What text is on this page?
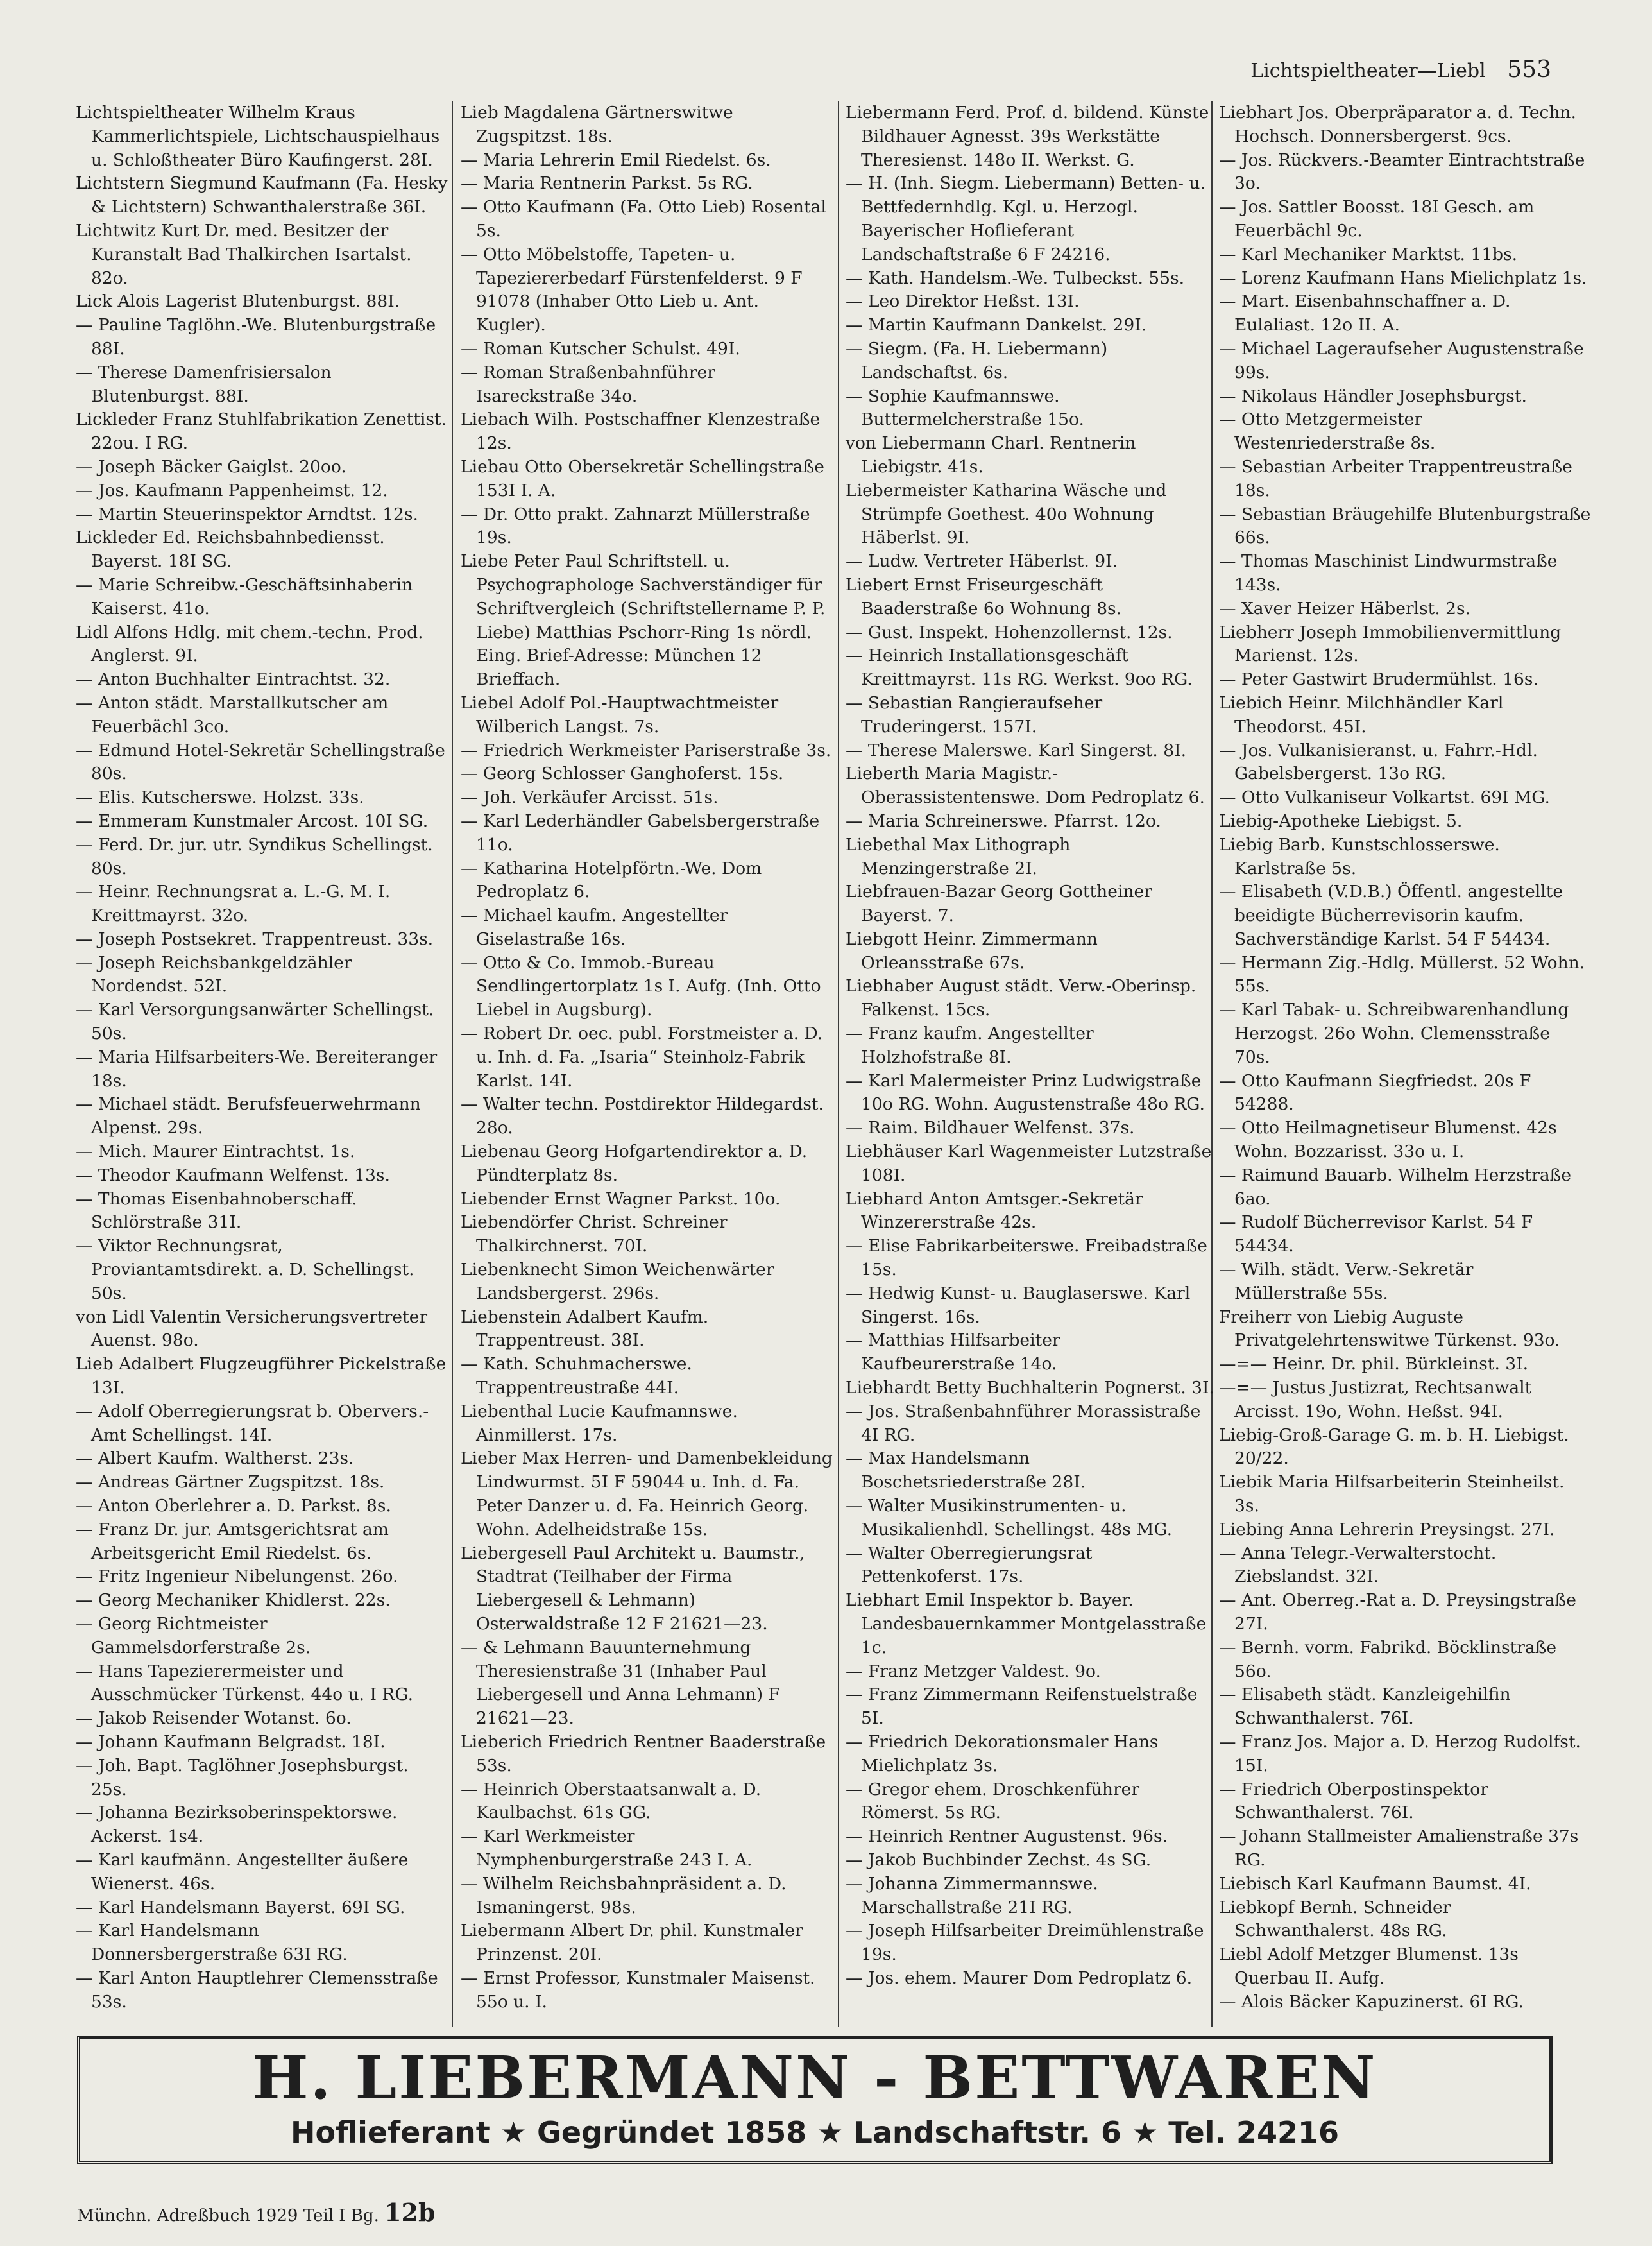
Lichtspieltheater—Liebl 553

Lichtspieltheater Wilhelm Kraus Kammerlichtspiele, Lichtschauspielhaus u. Schloßtheater Büro Kaufingerst. 28I.

Lichtstern Siegmund Kaufmann (Fa. Hesky & Lichtstern) Schwanthalerstraße 36I.

Lichtwitz Kurt Dr. med. Besitzer der Kuranstalt Bad Thalkirchen Isartalst. 82o.

Lick Alois Lagerist Blutenburgst. 88I.

— Pauline Taglöhn.-We. Blutenburgstraße 88I.

— Therese Damenfrisiersalon Blutenburgst. 88I.

Lickleder Franz Stuhlfabrikation Zenettist. 22ou. I RG.

— Joseph Bäcker Gaiglst. 20oo.

— Jos. Kaufmann Pappenheimst. 12.

— Martin Steuerinspektor Arndtst. 12s.

Lickleder Ed. Reichsbahnbediensst. Bayerst. 18I SG.

— Marie Schreibw.-Geschäftsinhaberin Kaiserst. 41o.

Lidl Alfons Hdlg. mit chem.-techn. Prod. Anglerst. 9I.

— Anton Buchhalter Eintrachtst. 32.

— Anton städt. Marstallkutscher am Feuerbächl 3co.

— Edmund Hotel-Sekretär Schellingstraße 80s.

— Elis. Kutscherswe. Holzst. 33s.

— Emmeram Kunstmaler Arcost. 10I SG.

— Ferd. Dr. jur. utr. Syndikus Schellingst. 80s.

— Heinr. Rechnungsrat a. L.-G. M. I. Kreittmayrst. 32o.

— Joseph Postsekret. Trappentreust. 33s.

— Joseph Reichsbankgeldzähler Nordendst. 52I.

— Karl Versorgungsanwärter Schellingst. 50s.

— Maria Hilfsarbeiters-We. Bereiteranger 18s.

— Michael städt. Berufsfeuerwehrmann Alpenst. 29s.

— Mich. Maurer Eintrachtst. 1s.

— Theodor Kaufmann Welfenst. 13s.

— Thomas Eisenbahnoberschaff. Schlörstraße 31I.

— Viktor Rechnungsrat, Proviantamtsdirekt. a. D. Schellingst. 50s.

von Lidl Valentin Versicherungsvertreter Auenst. 98o.

Lieb Adalbert Flugzeugführer Pickelstraße 13I.

— Adolf Oberregierungsrat b. Obervers.-Amt Schellingst. 14I.

— Albert Kaufm. Waltherst. 23s.

— Andreas Gärtner Zugspitzst. 18s.

— Anton Oberlehrer a. D. Parkst. 8s.

— Franz Dr. jur. Amtsgerichtsrat am Arbeitsgericht Emil Riedelst. 6s.

— Fritz Ingenieur Nibelungenst. 26o.

— Georg Mechaniker Khidlerst. 22s.

— Georg Richtmeister Gammelsdorferstraße 2s.

— Hans Tapezierermeister und Ausschmücker Türkenst. 44o u. I RG.

— Jakob Reisender Wotanst. 6o.

— Johann Kaufmann Belgradst. 18I.

— Joh. Bapt. Taglöhner Josephsburgst. 25s.

— Johanna Bezirksoberinspektorswe. Ackerst. 1s4.

— Karl kaufmänn. Angestellter äußere Wienerst. 46s.

— Karl Handelsmann Bayerst. 69I SG.

— Karl Handelsmann Donnersbergerstraße 63I RG.

— Karl Anton Hauptlehrer Clemensstraße 53s.

Lieb Magdalena Gärtnerswitwe Zugspitzst. 18s.

— Maria Lehrerin Emil Riedelst. 6s.

— Maria Rentnerin Parkst. 5s RG.

— Otto Kaufmann (Fa. Otto Lieb) Rosental 5s.

— Otto Möbelstoffe, Tapeten- u. Tapeziererbedarf Fürstenfelderst. 9 F 91078 (Inhaber Otto Lieb u. Ant. Kugler).

— Roman Kutscher Schulst. 49I.

— Roman Straßenbahnführer Isareckstraße 34o.

Liebach Wilh. Postschaffner Klenzestraße 12s.

Liebau Otto Obersekretär Schellingstraße 153I I. A.

— Dr. Otto prakt. Zahnarzt Müllerstraße 19s.

Liebe Peter Paul Schriftstell. u. Psychographologe Sachverständiger für Schriftvergleich (Schriftstellername P. P. Liebe) Matthias Pschorr-Ring 1s nördl. Eing. Brief-Adresse: München 12 Brieffach.

Liebel Adolf Pol.-Hauptwachtmeister Wilberich Langst. 7s.

— Friedrich Werkmeister Pariserstraße 3s.

— Georg Schlosser Ganghoferst. 15s.

— Joh. Verkäufer Arcisst. 51s.

— Karl Lederhändler Gabelsbergerstraße 11o.

— Katharina Hotelpförtn.-We. Dom Pedroplatz 6.

— Michael kaufm. Angestellter Giselastraße 16s.

— Otto & Co. Immob.-Bureau Sendlingertorplatz 1s I. Aufg. (Inh. Otto Liebel in Augsburg).

— Robert Dr. oec. publ. Forstmeister a. D. u. Inh. d. Fa. „Isaria“ Steinholz-Fabrik Karlst. 14I.

— Walter techn. Postdirektor Hildegardst. 28o.

Liebenau Georg Hofgartendirektor a. D. Pündterplatz 8s.

Liebender Ernst Wagner Parkst. 10o.

Liebendörfer Christ. Schreiner Thalkirchnerst. 70I.

Liebenknecht Simon Weichenwärter Landsbergerst. 296s.

Liebenstein Adalbert Kaufm. Trappentreust. 38I.

— Kath. Schuhmacherswe. Trappentreustraße 44I.

Liebenthal Lucie Kaufmannswe. Ainmillerst. 17s.

Lieber Max Herren- und Damenbekleidung Lindwurmst. 5I F 59044 u. Inh. d. Fa. Peter Danzer u. d. Fa. Heinrich Georg. Wohn. Adelheidstraße 15s.

Liebergesell Paul Architekt u. Baumstr., Stadtrat (Teilhaber der Firma Liebergesell & Lehmann) Osterwaldstraße 12 F 21621—23.

— & Lehmann Bauunternehmung Theresienstraße 31 (Inhaber Paul Liebergesell und Anna Lehmann) F 21621—23.

Lieberich Friedrich Rentner Baaderstraße 53s.

— Heinrich Oberstaatsanwalt a. D. Kaulbachst. 61s GG.

— Karl Werkmeister Nymphenburgerstraße 243 I. A.

— Wilhelm Reichsbahnpräsident a. D. Ismaningerst. 98s.

Liebermann Albert Dr. phil. Kunstmaler Prinzenst. 20I.

— Ernst Professor, Kunstmaler Maisenst. 55o u. I.

Liebermann Ferd. Prof. d. bildend. Künste Bildhauer Agnesst. 39s Werkstätte Theresienst. 148o II. Werkst. G.

— H. (Inh. Siegm. Liebermann) Betten- u. Bettfedernhdlg. Kgl. u. Herzogl. Bayerischer Hoflieferant Landschaftstraße 6 F 24216.

— Kath. Handelsm.-We. Tulbeckst. 55s.

— Leo Direktor Heßst. 13I.

— Martin Kaufmann Dankelst. 29I.

— Siegm. (Fa. H. Liebermann) Landschaftst. 6s.

— Sophie Kaufmannswe. Buttermelcherstraße 15o.

von Liebermann Charl. Rentnerin Liebigstr. 41s.

Liebermeister Katharina Wäsche und Strümpfe Goethest. 40o Wohnung Häberlst. 9I.

— Ludw. Vertreter Häberlst. 9I.

Liebert Ernst Friseurgeschäft Baaderstraße 6o Wohnung 8s.

— Gust. Inspekt. Hohenzollernst. 12s.

— Heinrich Installationsgeschäft Kreittmayrst. 11s RG. Werkst. 9oo RG.

— Sebastian Rangieraufseher Truderingerst. 157I.

— Therese Malerswe. Karl Singerst. 8I.

Lieberth Maria Magistr.-Oberassistentenswe. Dom Pedroplatz 6.

— Maria Schreinerswe. Pfarrst. 12o.

Liebethal Max Lithograph Menzingerstraße 2I.

Liebfrauen-Bazar Georg Gottheiner Bayerst. 7.

Liebgott Heinr. Zimmermann Orleansstraße 67s.

Liebhaber August städt. Verw.-Oberinsp. Falkenst. 15cs.

— Franz kaufm. Angestellter Holzhofstraße 8I.

— Karl Malermeister Prinz Ludwigstraße 10o RG. Wohn. Augustenstraße 48o RG.

— Raim. Bildhauer Welfenst. 37s.

Liebhäuser Karl Wagenmeister Lutzstraße 108I.

Liebhard Anton Amtsger.-Sekretär Winzererstraße 42s.

— Elise Fabrikarbeiterswe. Freibadstraße 15s.

— Hedwig Kunst- u. Bauglaserswe. Karl Singerst. 16s.

— Matthias Hilfsarbeiter Kaufbeurerstraße 14o.

Liebhardt Betty Buchhalterin Pognerst. 3I.

— Jos. Straßenbahnführer Morassistraße 4I RG.

— Max Handelsmann Boschetsriederstraße 28I.

— Walter Musikinstrumenten- u. Musikalienhdl. Schellingst. 48s MG.

— Walter Oberregierungsrat Pettenkoferst. 17s.

Liebhart Emil Inspektor b. Bayer. Landesbauernkammer Montgelasstraße 1c.

— Franz Metzger Valdest. 9o.

— Franz Zimmermann Reifenstuelstraße 5I.

— Friedrich Dekorationsmaler Hans Mielichplatz 3s.

— Gregor ehem. Droschkenführer Römerst. 5s RG.

— Heinrich Rentner Augustenst. 96s.

— Jakob Buchbinder Zechst. 4s SG.

— Johanna Zimmermannswe. Marschallstraße 21I RG.

— Joseph Hilfsarbeiter Dreimühlenstraße 19s.

— Jos. ehem. Maurer Dom Pedroplatz 6.

Liebhart Jos. Oberpräparator a. d. Techn. Hochsch. Donnersbergerst. 9cs.

— Jos. Rückvers.-Beamter Eintrachtstraße 3o.

— Jos. Sattler Boosst. 18I Gesch. am Feuerbächl 9c.

— Karl Mechaniker Marktst. 11bs.

— Lorenz Kaufmann Hans Mielichplatz 1s.

— Mart. Eisenbahnschaffner a. D. Eulaliast. 12o II. A.

— Michael Lageraufseher Augustenstraße 99s.

— Nikolaus Händler Josephsburgst.

— Otto Metzgermeister Westenriederstraße 8s.

— Sebastian Arbeiter Trappentreustraße 18s.

— Sebastian Bräugehilfe Blutenburgstraße 66s.

— Thomas Maschinist Lindwurmstraße 143s.

— Xaver Heizer Häberlst. 2s.

Liebherr Joseph Immobilienvermittlung Marienst. 12s.

— Peter Gastwirt Brudermühlst. 16s.

Liebich Heinr. Milchhändler Karl Theodorst. 45I.

— Jos. Vulkanisieranst. u. Fahrr.-Hdl. Gabelsbergerst. 13o RG.

— Otto Vulkaniseur Volkartst. 69I MG.

Liebig-Apotheke Liebigst. 5.

Liebig Barb. Kunstschlosserswe. Karlstraße 5s.

— Elisabeth (V.D.B.) Öffentl. angestellte beeidigte Bücherrevisorin kaufm. Sachverständige Karlst. 54 F 54434.

— Hermann Zig.-Hdlg. Müllerst. 52 Wohn. 55s.

— Karl Tabak- u. Schreibwarenhandlung Herzogst. 26o Wohn. Clemensstraße 70s.

— Otto Kaufmann Siegfriedst. 20s F 54288.

— Otto Heilmagnetiseur Blumenst. 42s Wohn. Bozzarisst. 33o u. I.

— Raimund Bauarb. Wilhelm Herzstraße 6ao.

— Rudolf Bücherrevisor Karlst. 54 F 54434.

— Wilh. städt. Verw.-Sekretär Müllerstraße 55s.

Freiherr von Liebig Auguste Privatgelehrtenswitwe Türkenst. 93o.

—=— Heinr. Dr. phil. Bürkleinst. 3I.

—=— Justus Justizrat, Rechtsanwalt Arcisst. 19o, Wohn. Heßst. 94I.

Liebig-Groß-Garage G. m. b. H. Liebigst. 20/22.

Liebik Maria Hilfsarbeiterin Steinheilst. 3s.

Liebing Anna Lehrerin Preysingst. 27I.

— Anna Telegr.-Verwalterstocht. Ziebslandst. 32I.

— Ant. Oberreg.-Rat a. D. Preysingstraße 27I.

— Bernh. vorm. Fabrikd. Böcklinstraße 56o.

— Elisabeth städt. Kanzleigehilfin Schwanthalerst. 76I.

— Franz Jos. Major a. D. Herzog Rudolfst. 15I.

— Friedrich Oberpostinspektor Schwanthalerst. 76I.

— Johann Stallmeister Amalienstraße 37s RG.

Liebisch Karl Kaufmann Baumst. 4I.

Liebkopf Bernh. Schneider Schwanthalerst. 48s RG.

Liebl Adolf Metzger Blumenst. 13s Querbau II. Aufg.

— Alois Bäcker Kapuzinerst. 6I RG.

H. LIEBERMANN - BETTWAREN
Hoflieferant ★ Gegründet 1858 ★ Landschaftstr. 6 ★ Tel. 24216
Münchn. Adreßbuch 1929 Teil I Bg. 12b
